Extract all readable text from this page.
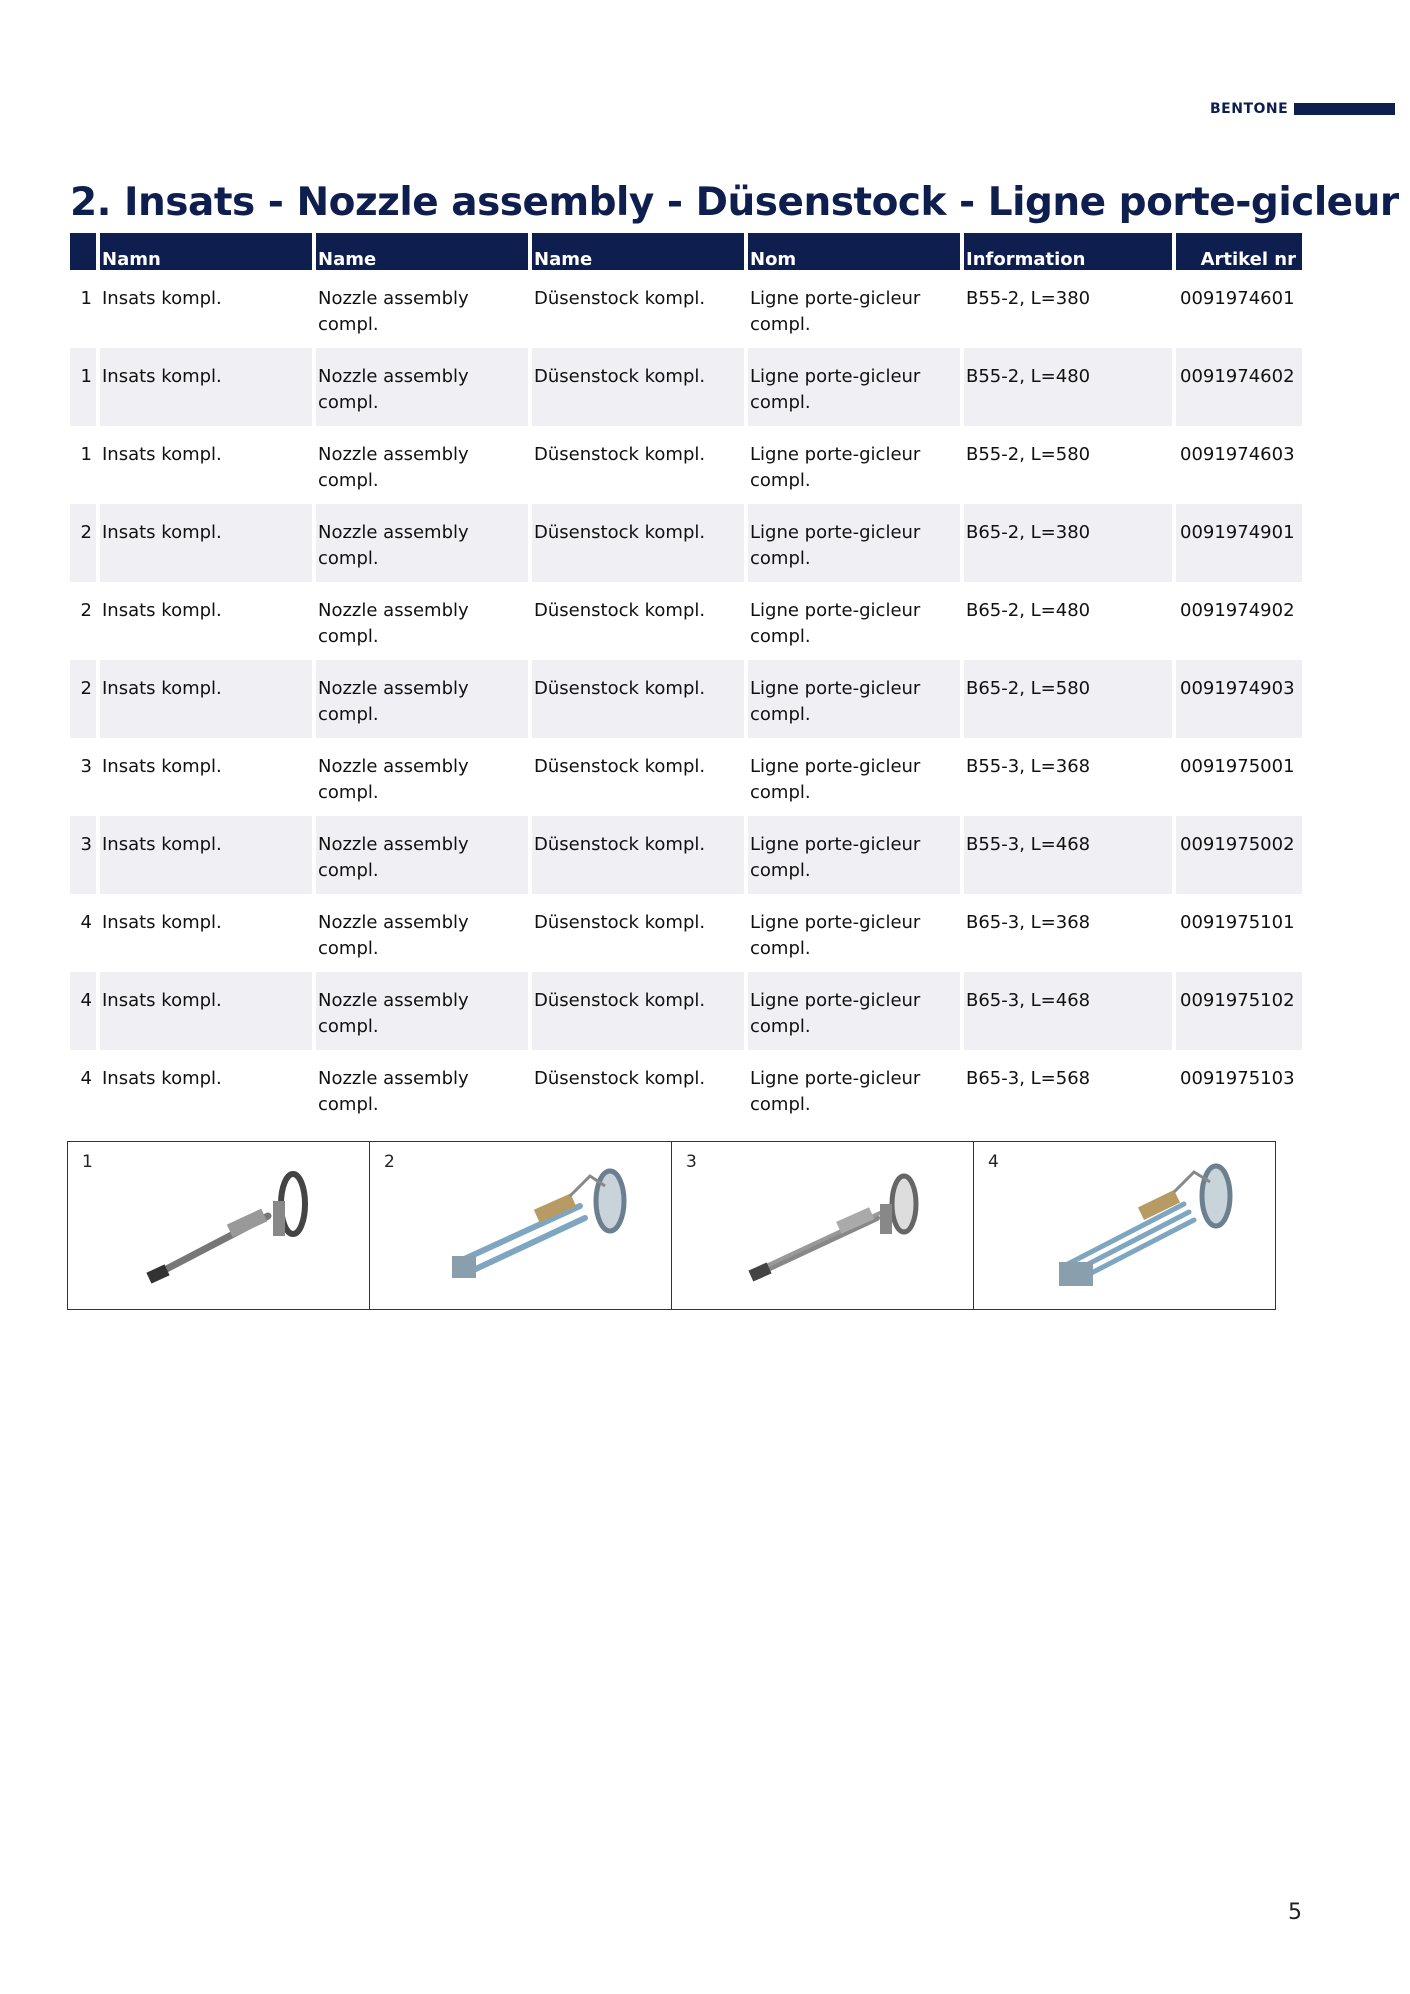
BENTONE
2. Insats - Nozzle assembly - Düsenstock - Ligne porte-gicleur
	Namn	Name	Name	Nom	Information	Artikel nr
1	Insats kompl.	Nozzle assembly compl.	Düsenstock kompl.	Ligne porte-gicleur compl.	B55-2, L=380	0091974601
1	Insats kompl.	Nozzle assembly compl.	Düsenstock kompl.	Ligne porte-gicleur compl.	B55-2, L=480	0091974602
1	Insats kompl.	Nozzle assembly compl.	Düsenstock kompl.	Ligne porte-gicleur compl.	B55-2, L=580	0091974603
2	Insats kompl.	Nozzle assembly compl.	Düsenstock kompl.	Ligne porte-gicleur compl.	B65-2, L=380	0091974901
2	Insats kompl.	Nozzle assembly compl.	Düsenstock kompl.	Ligne porte-gicleur compl.	B65-2, L=480	0091974902
2	Insats kompl.	Nozzle assembly compl.	Düsenstock kompl.	Ligne porte-gicleur compl.	B65-2, L=580	0091974903
3	Insats kompl.	Nozzle assembly compl.	Düsenstock kompl.	Ligne porte-gicleur compl.	B55-3, L=368	0091975001
3	Insats kompl.	Nozzle assembly compl.	Düsenstock kompl.	Ligne porte-gicleur compl.	B55-3, L=468	0091975002
4	Insats kompl.	Nozzle assembly compl.	Düsenstock kompl.	Ligne porte-gicleur compl.	B65-3, L=368	0091975101
4	Insats kompl.	Nozzle assembly compl.	Düsenstock kompl.	Ligne porte-gicleur compl.	B65-3, L=468	0091975102
4	Insats kompl.	Nozzle assembly compl.	Düsenstock kompl.	Ligne porte-gicleur compl.	B65-3, L=568	0091975103
1	2	3	4
5
